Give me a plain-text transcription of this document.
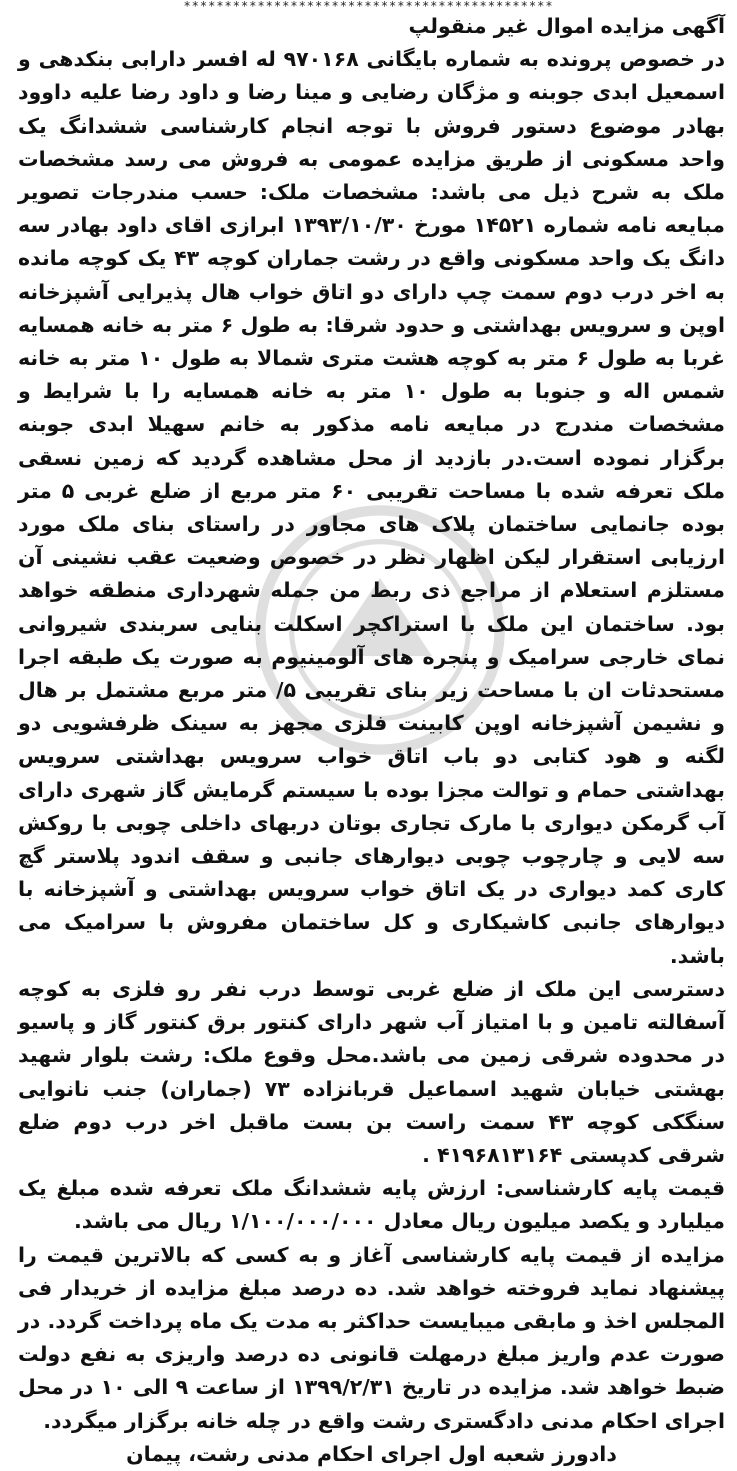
*********************************************

آگهی مزایده اموال غیر منقولپ

در خصوص پرونده به شماره بایگانی ۹۷۰۱۶۸ له افسر دارابی بنکدهی و اسمعیل ابدی جوبنه و مژگان رضایی و مینا رضا و داود رضا علیه داوود بهادر موضوع دستور فروش با توجه انجام کارشناسی ششدانگ یک واحد مسکونی از طریق مزایده عمومی به فروش می رسد مشخصات ملک به شرح ذیل می باشد: مشخصات ملک: حسب مندرجات تصویر مبایعه نامه شماره ۱۴۵۲۱ مورخ ۱۳۹۳/۱۰/۳۰ ابرازی اقای داود بهادر سه دانگ یک واحد مسکونی واقع در رشت جماران کوچه ۴۳ یک کوچه مانده به اخر درب دوم سمت چپ دارای دو اتاق خواب هال پذیرایی آشپزخانه اوپن و سرویس بهداشتی و حدود شرقا: به طول ۶ متر به خانه همسایه غربا به طول ۶ متر به کوچه هشت متری شمالا به طول ۱۰ متر به خانه شمس اله و جنوبا به طول ۱۰ متر به خانه همسایه را با شرایط و مشخصات مندرج در مبایعه نامه مذکور به خانم سهیلا ابدی جوبنه برگزار نموده است.در بازدید از محل مشاهده گردید که زمین نسقی ملک تعرفه شده با مساحت تقریبی ۶۰ متر مربع از ضلع غربی ۵ متر بوده جانمایی ساختمان پلاک های مجاور در راستای بنای ملک مورد ارزیابی استقرار لیکن اظهار نظر در خصوص وضعیت عقب نشینی آن مستلزم استعلام از مراجع ذی ربط من جمله شهرداری منطقه خواهد بود. ساختمان این ملک با استراکچر اسکلت بنایی سربندی شیروانی نمای خارجی سرامیک و پنجره های آلومینیوم به صورت یک طبقه اجرا مستحدثات ان با مساحت زیر بنای تقریبی ۵/ متر مربع مشتمل بر هال و نشیمن آشپزخانه اوپن کابینت فلزی مجهز به سینک ظرفشویی دو لگنه و هود کتابی دو باب اتاق خواب سرویس بهداشتی سرویس بهداشتی حمام و توالت مجزا بوده با سیستم گرمایش گاز شهری دارای آب گرمکن دیواری با مارک تجاری بوتان دربهای داخلی چوبی با روکش سه لایی و چارچوب چوبی دیوارهای جانبی و سقف اندود پلاستر گچ کاری کمد دیواری در یک اتاق خواب سرویس بهداشتی و آشپزخانه با دیوارهای جانبی کاشیکاری و کل ساختمان مفروش با سرامیک می باشد.

دسترسی این ملک از ضلع غربی توسط درب نفر رو فلزی به کوچه آسفالته تامین و با امتیاز آب شهر دارای کنتور برق کنتور گاز و پاسیو در محدوده شرقی زمین می باشد.محل وقوع ملک: رشت بلوار شهید بهشتی خیابان شهید اسماعیل قربانزاده ۷۳ (جماران) جنب نانوایی سنگکی کوچه ۴۳ سمت راست بن بست ماقبل اخر درب دوم ضلع شرقی کدپستی ۴۱۹۶۸۱۳۱۶۴ .

قیمت پایه کارشناسی: ارزش پایه ششدانگ ملک تعرفه شده مبلغ یک میلیارد و یکصد میلیون ریال معادل ۱/۱۰۰/۰۰۰/۰۰۰ ریال می باشد.

مزایده از قیمت پایه کارشناسی آغاز و به کسی که بالاترین قیمت را پیشنهاد نماید فروخته خواهد شد. ده درصد مبلغ مزایده از خریدار فی المجلس اخذ و مابقی میبایست حداکثر به مدت یک ماه پرداخت گردد. در صورت عدم واریز مبلغ درمهلت قانونی ده درصد واریزی به نفع دولت ضبط خواهد شد. مزایده در تاریخ ۱۳۹۹/۲/۳۱ از ساعت ۹ الی ۱۰ در محل اجرای احکام مدنی دادگستری رشت واقع در چله خانه برگزار میگردد.

دادورز شعبه اول اجرای احکام مدنی رشت، پیمان
